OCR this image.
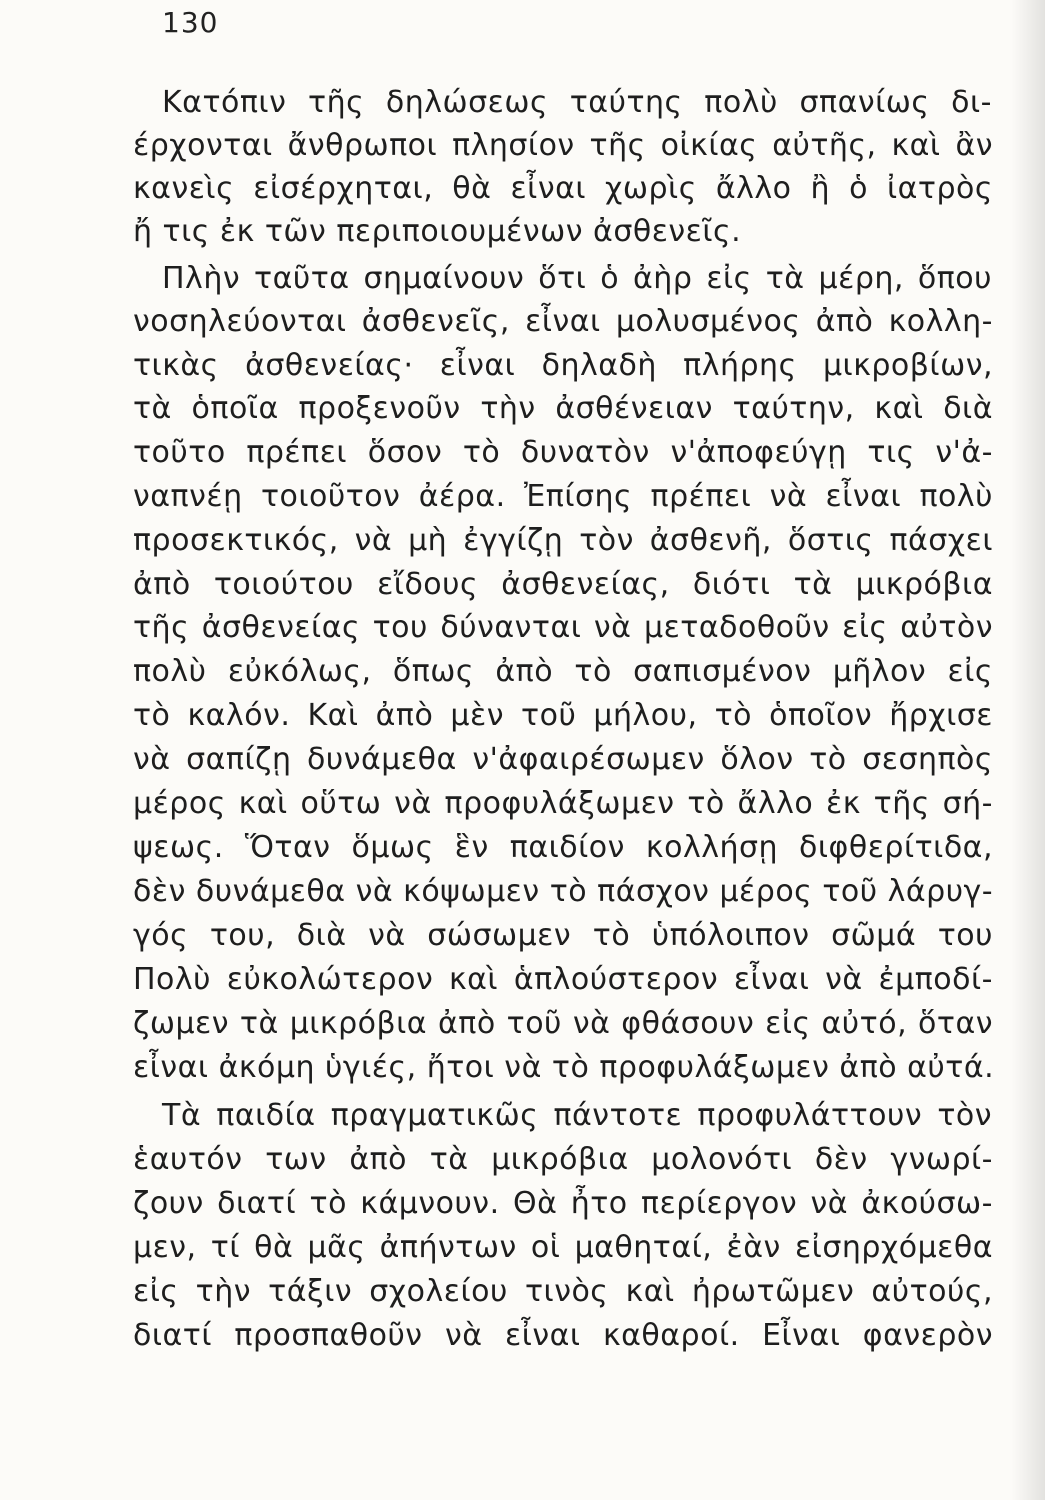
130
Κατόπιν τῆς δηλώσεως ταύτης πολὺ σπανίως δι-
έρχονται ἄνθρωποι πλησίον τῆς οἰκίας αὐτῆς, καὶ ἂν
κανεὶς εἰσέρχηται, θὰ εἶναι χωρὶς ἄλλο ἢ ὁ ἰατρὸς
ἤ τις ἐκ τῶν περιποιουμένων ἀσθενεῖς.
Πλὴν ταῦτα σημαίνουν ὅτι ὁ ἀὴρ εἰς τὰ μέρη, ὅπου
νοσηλεύονται ἀσθενεῖς, εἶναι μολυσμένος ἀπὸ κολλη-
τικὰς ἀσθενείας· εἶναι δηλαδὴ πλήρης μικροβίων,
τὰ ὁποῖα προξενοῦν τὴν ἀσθένειαν ταύτην, καὶ διὰ
τοῦτο πρέπει ὅσον τὸ δυνατὸν ν'ἀποφεύγῃ τις ν'ἀ-
ναπνέῃ τοιοῦτον ἀέρα. Ἐπίσης πρέπει νὰ εἶναι πολὺ
προσεκτικός, νὰ μὴ ἐγγίζῃ τὸν ἀσθενῆ, ὅστις πάσχει
ἀπὸ τοιούτου εἴδους ἀσθενείας, διότι τὰ μικρόβια
τῆς ἀσθενείας του δύνανται νὰ μεταδοθοῦν εἰς αὐτὸν
πολὺ εὐκόλως, ὅπως ἀπὸ τὸ σαπισμένον μῆλον εἰς
τὸ καλόν. Καὶ ἀπὸ μὲν τοῦ μήλου, τὸ ὁποῖον ἤρχισε
νὰ σαπίζῃ δυνάμεθα ν'ἀφαιρέσωμεν ὅλον τὸ σεσηπὸς
μέρος καὶ οὕτω νὰ προφυλάξωμεν τὸ ἄλλο ἐκ τῆς σή-
ψεως. Ὅταν ὅμως ἓν παιδίον κολλήσῃ διφθερίτιδα,
δὲν δυνάμεθα νὰ κόψωμεν τὸ πάσχον μέρος τοῦ λάρυγ-
γός του, διὰ νὰ σώσωμεν τὸ ὑπόλοιπον σῶμά του
Πολὺ εὐκολώτερον καὶ ἁπλούστερον εἶναι νὰ ἐμποδί-
ζωμεν τὰ μικρόβια ἀπὸ τοῦ νὰ φθάσουν εἰς αὐτό, ὅταν
εἶναι ἀκόμη ὑγιές, ἤτοι νὰ τὸ προφυλάξωμεν ἀπὸ αὐτά.
Τὰ παιδία πραγματικῶς πάντοτε προφυλάττουν τὸν
ἑαυτόν των ἀπὸ τὰ μικρόβια μολονότι δὲν γνωρί-
ζουν διατί τὸ κάμνουν. Θὰ ἦτο περίεργον νὰ ἀκούσω-
μεν, τί θὰ μᾶς ἀπήντων οἱ μαθηταί, ἐὰν εἰσηρχόμεθα
εἰς τὴν τάξιν σχολείου τινὸς καὶ ἠρωτῶμεν αὐτούς,
διατί προσπαθοῦν νὰ εἶναι καθαροί. Εἶναι φανερὸν
